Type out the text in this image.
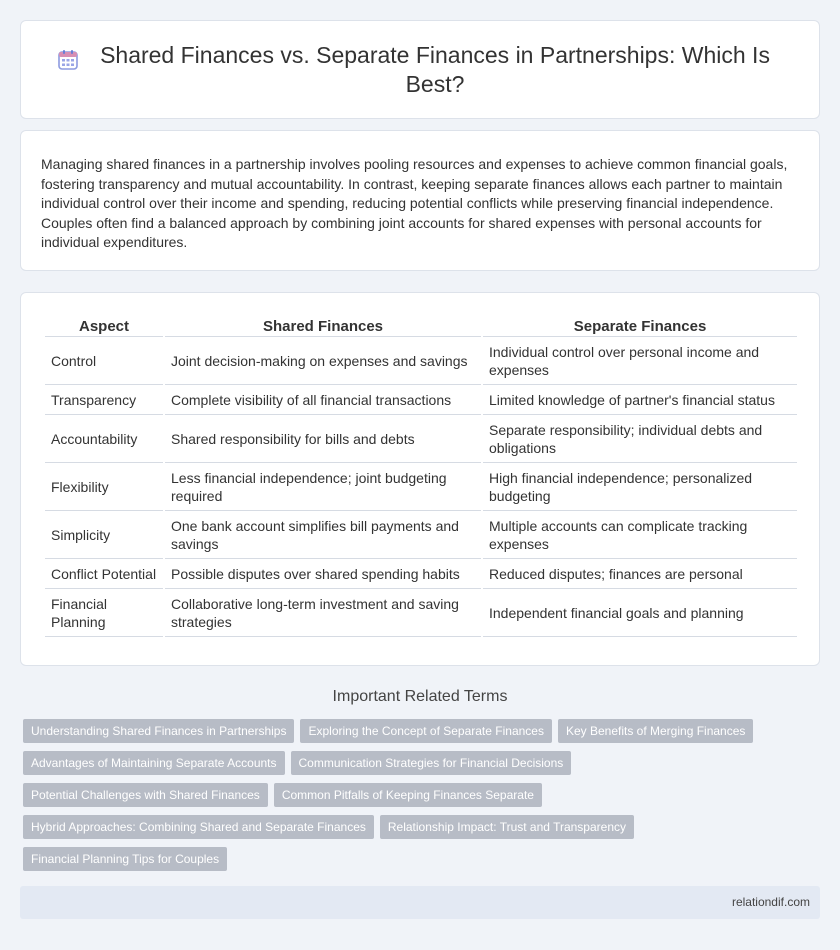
Shared Finances vs. Separate Finances in Partnerships: Which Is Best?

Managing shared finances in a partnership involves pooling resources and expenses to achieve common financial goals, fostering transparency and mutual accountability. In contrast, keeping separate finances allows each partner to maintain individual control over their income and spending, reducing potential conflicts while preserving financial independence. Couples often find a balanced approach by combining joint accounts for shared expenses with personal accounts for individual expenditures.

Aspect	Shared Finances	Separate Finances
Control	Joint decision-making on expenses and savings	Individual control over personal income and expenses
Transparency	Complete visibility of all financial transactions	Limited knowledge of partner's financial status
Accountability	Shared responsibility for bills and debts	Separate responsibility; individual debts and obligations
Flexibility	Less financial independence; joint budgeting required	High financial independence; personalized budgeting
Simplicity	One bank account simplifies bill payments and savings	Multiple accounts can complicate tracking expenses
Conflict Potential	Possible disputes over shared spending habits	Reduced disputes; finances are personal
Financial Planning	Collaborative long-term investment and saving strategies	Independent financial goals and planning
Important Related Terms
Understanding Shared Finances in Partnerships	Exploring the Concept of Separate Finances	Key Benefits of Merging Finances
Advantages of Maintaining Separate Accounts	Communication Strategies for Financial Decisions
Potential Challenges with Shared Finances	Common Pitfalls of Keeping Finances Separate
Hybrid Approaches: Combining Shared and Separate Finances	Relationship Impact: Trust and Transparency
Financial Planning Tips for Couples
relationdif.com
